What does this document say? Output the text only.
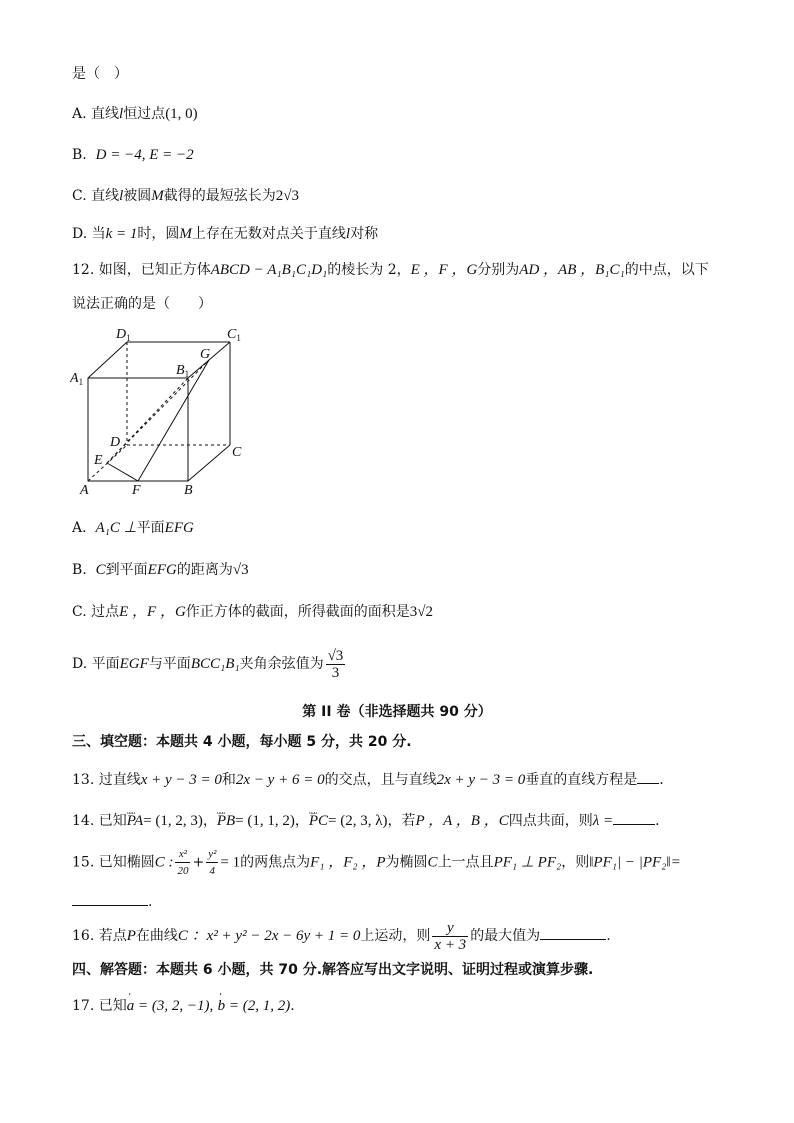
是（　）
A. 直线l恒过点(1, 0)
B. D = −4, E = −2
C. 直线l被圆M截得的最短弦长为2√3
D. 当k = 1时，圆M上存在无数对点关于直线l对称
12. 如图，已知正方体ABCD − A₁B₁C₁D₁的棱长为 2，E ，F ，G分别为AD ，AB ，B₁C₁的中点，以下
说法正确的是（　　）
$D_1$	$C_1$
$A_1$
$B_1$
G
D
C
E
A	F	B
A. A₁C ⊥平面EFG
B. C到平面EFG的距离为√3
C. 过点E ，F ，G作正方体的截面，所得截面的面积是3√2
D. 平面EGF与平面BCC₁B₁夹角余弦值为 $\frac{√3}{3}$
第 II 卷（非选择题共 90 分）
三、填空题：本题共 4 小题，每小题 5 分，共 20 分.
13. 过直线x + y − 3 = 0和2x − y + 6 = 0的交点，且与直线2x + y − 3 = 0垂直的直线方程是 .
14. 已知ᴗᴗᴗ PA= (1, 2, 3)，ᴗᴗᴗ PB= (1, 1, 2)，ᴗᴗᴗ PC= (2, 3, λ)，若P ，A ，B ，C四点共面，则λ =	.
15. 已知椭圆C : $\frac{\text{x²}}{20} + \frac{\text{y²}}{4} = 1$的两焦点为F₁ ，F₂ ，P为椭圆C上一点且PF₁ ⊥ PF₂，则‖PF₁| − |PF₂‖=
.
16. 若点P在曲线C ：x² + y² − 2x − 6y + 1 = 0上运动，则 $\frac{y}{x + 3}$ 的最大值为	.
四、解答题：本题共 6 小题，共 70 分.解答应写出文字说明、证明过程或演算步骤.
17. 已知ʹ a = (3, 2, −1), ʹ b = (2, 1, 2).
